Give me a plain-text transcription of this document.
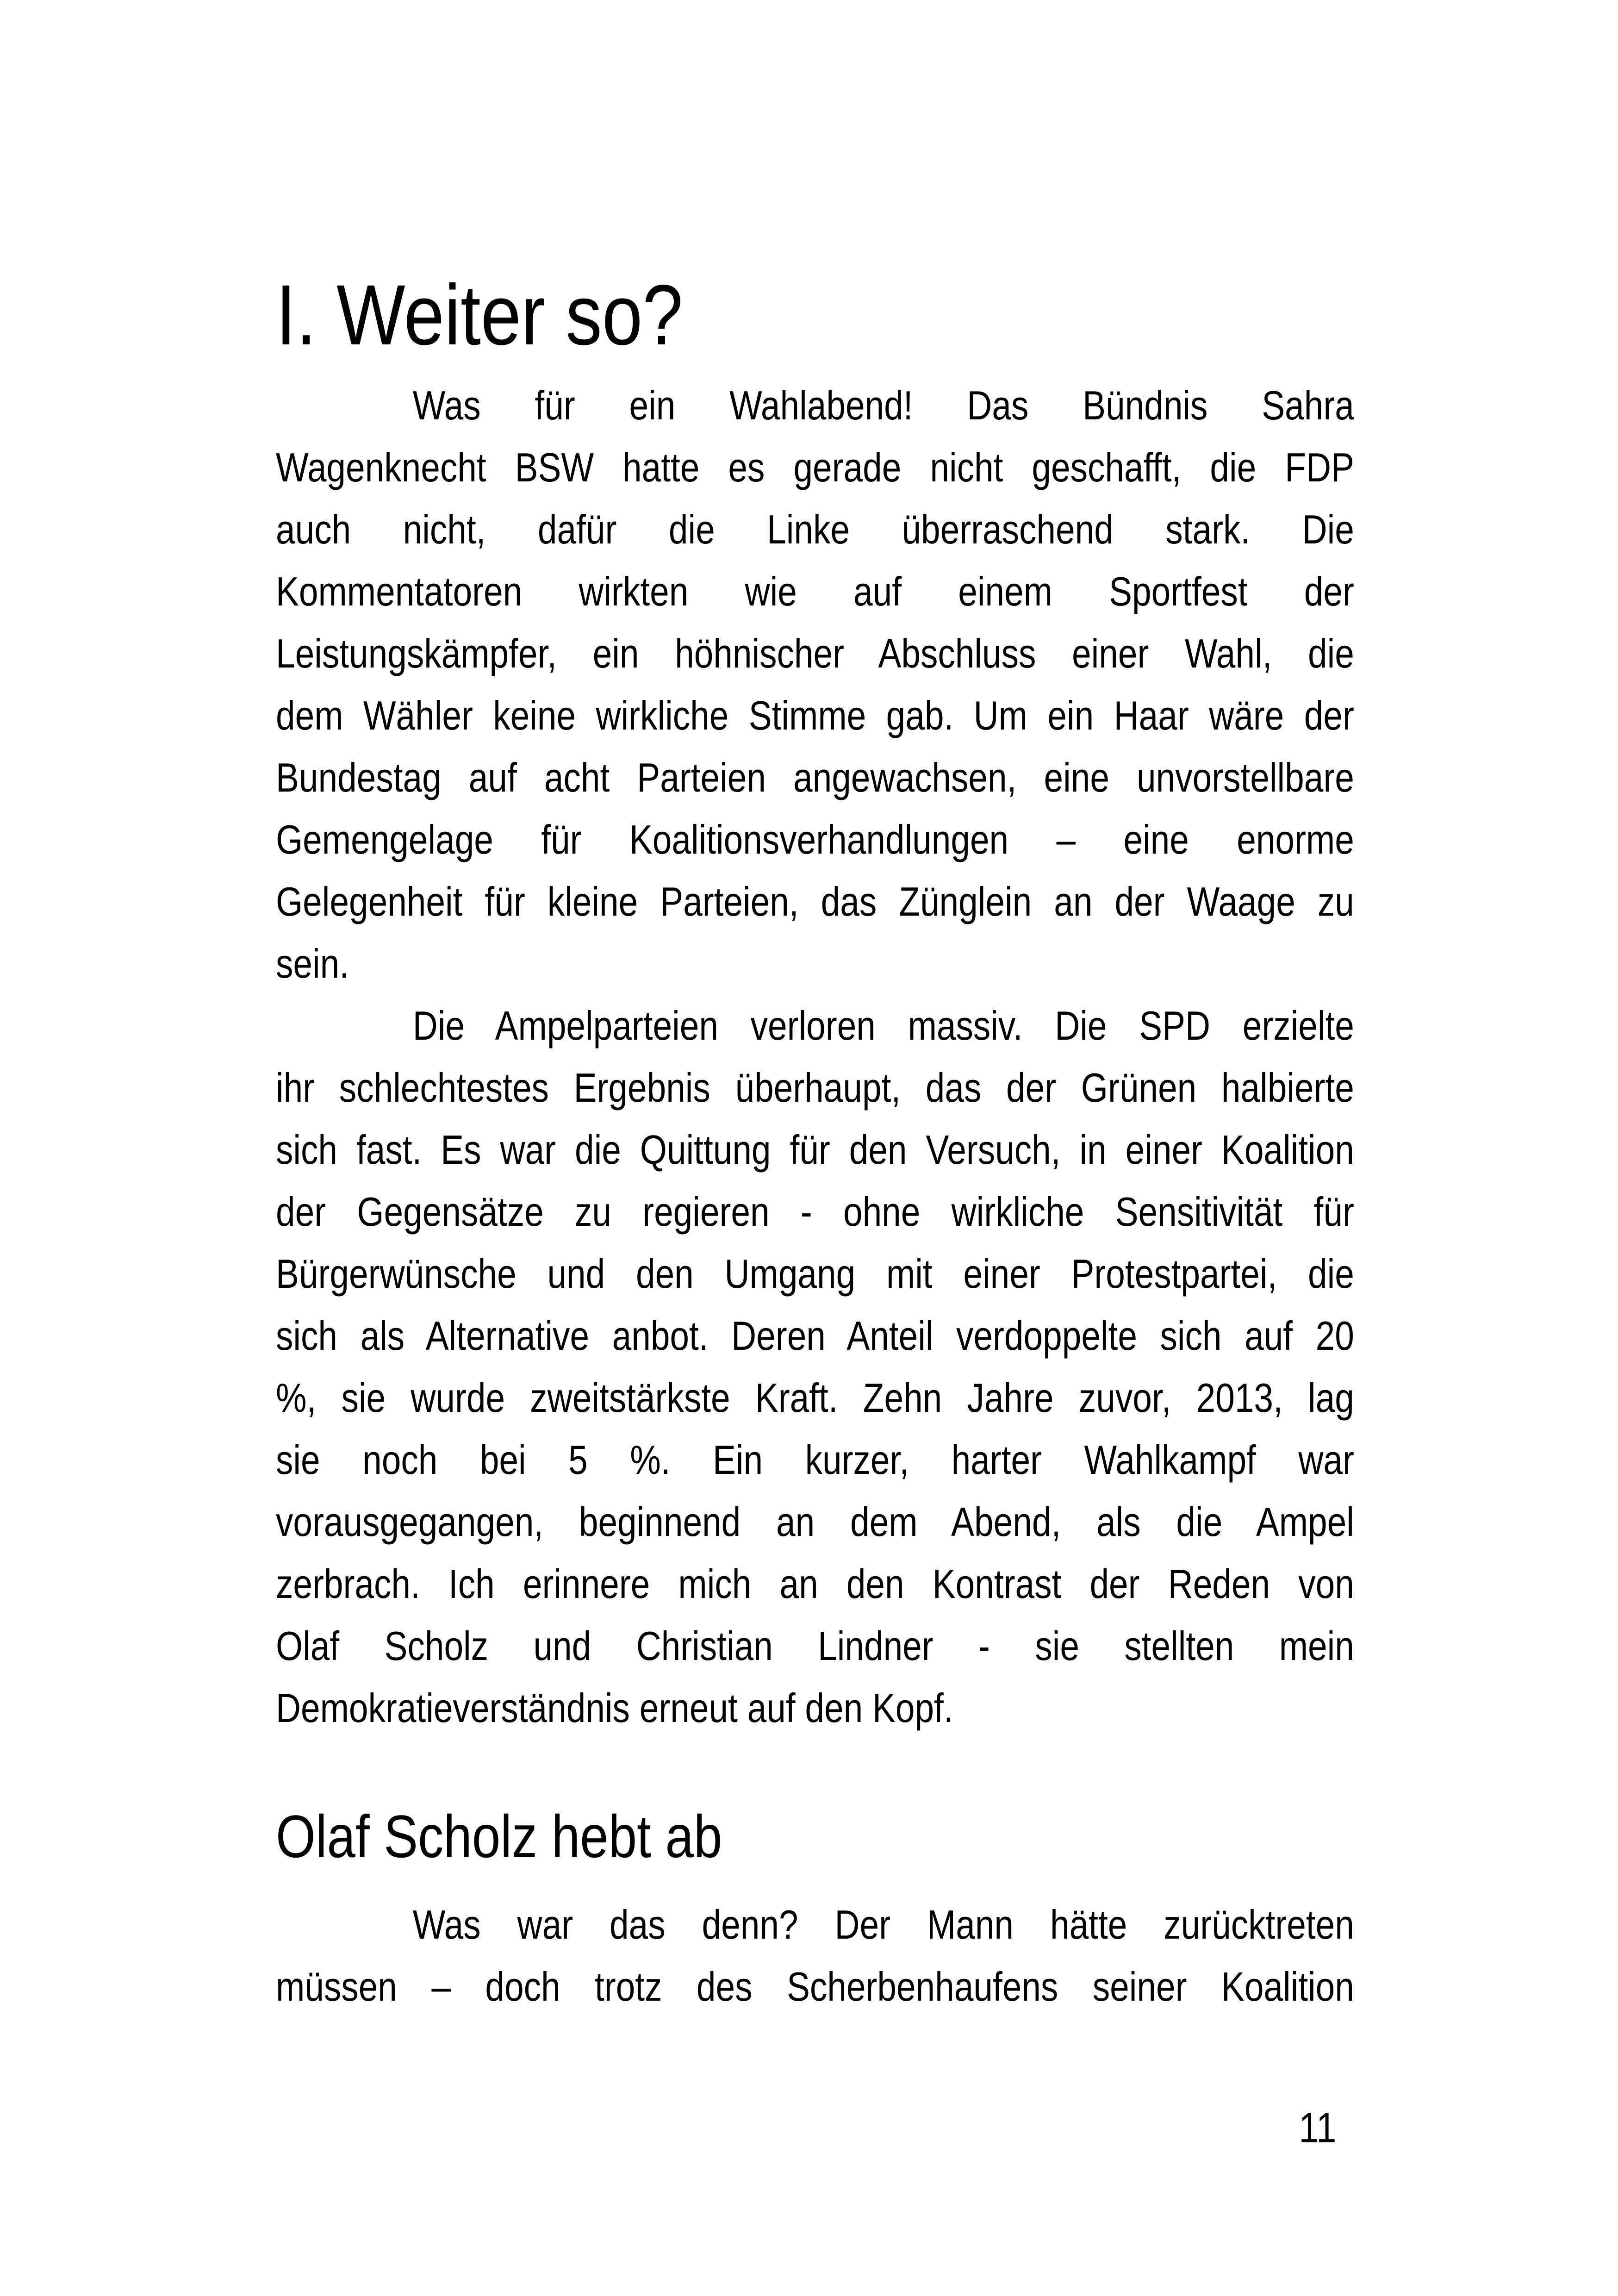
I. Weiter so?
Was für ein Wahlabend! Das Bündnis Sahra
Wagenknecht BSW hatte es gerade nicht geschafft, die FDP
auch nicht, dafür die Linke überraschend stark. Die
Kommentatoren wirkten wie auf einem Sportfest der
Leistungskämpfer, ein höhnischer Abschluss einer Wahl, die
dem Wähler keine wirkliche Stimme gab. Um ein Haar wäre der
Bundestag auf acht Parteien angewachsen, eine unvorstellbare
Gemengelage für Koalitionsverhandlungen – eine enorme
Gelegenheit für kleine Parteien, das Zünglein an der Waage zu
sein.
Die Ampelparteien verloren massiv. Die SPD erzielte
ihr schlechtestes Ergebnis überhaupt, das der Grünen halbierte
sich fast. Es war die Quittung für den Versuch, in einer Koalition
der Gegensätze zu regieren - ohne wirkliche Sensitivität für
Bürgerwünsche und den Umgang mit einer Protestpartei, die
sich als Alternative anbot. Deren Anteil verdoppelte sich auf 20
%, sie wurde zweitstärkste Kraft. Zehn Jahre zuvor, 2013, lag
sie noch bei 5 %. Ein kurzer, harter Wahlkampf war
vorausgegangen, beginnend an dem Abend, als die Ampel
zerbrach. Ich erinnere mich an den Kontrast der Reden von
Olaf Scholz und Christian Lindner - sie stellten mein
Demokratieverständnis erneut auf den Kopf.
Olaf Scholz hebt ab
Was war das denn? Der Mann hätte zurücktreten
müssen – doch trotz des Scherbenhaufens seiner Koalition
11
